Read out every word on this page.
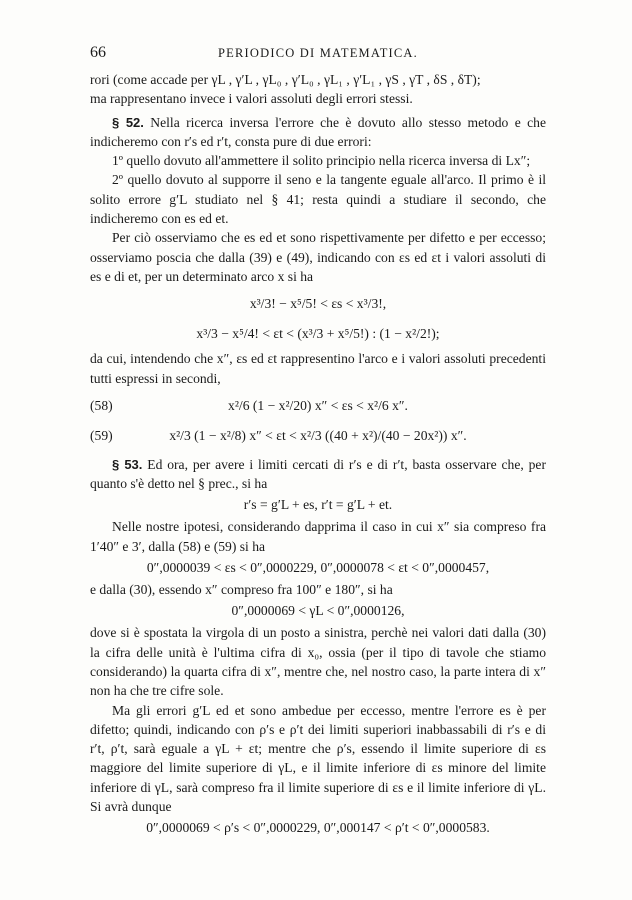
66	PERIODICO DI MATEMATICA.

rori (come accade per γL , γ′L , γL₀ , γ′L₀ , γL₁ , γ′L₁ , γS , γT , δS , δT);

ma rappresentano invece i valori assoluti degli errori stessi.

§ 52. Nella ricerca inversa l'errore che è dovuto allo stesso metodo e che indicheremo con r′s ed r′t, consta pure di due errori:

1º quello dovuto all'ammettere il solito principio nella ricerca inversa di Lx″;

2º quello dovuto al supporre il seno e la tangente eguale all'arco. Il primo è il solito errore g′L studiato nel § 41; resta quindi a studiare il secondo, che indicheremo con es ed et.

Per ciò osserviamo che es ed et sono rispettivamente per difetto e per eccesso; osserviamo poscia che dalla (39) e (49), indicando con εs ed εt i valori assoluti di es e di et, per un determinato arco x si ha

x³/3! − x⁵/5! < εs < x³/3!,
x³/3 − x⁵/4! < εt < (x³/3 + x⁵/5!) : (1 − x²/2!);

da cui, intendendo che x″, εs ed εt rappresentino l'arco e i valori assoluti precedenti tutti espressi in secondi,

(58)	x²/6 (1 − x²/20) x″ < εs < x²/6 x″.
(59)	x²/3 (1 − x²/8) x″ < εt < x²/3 ((40 + x²)/(40 − 20x²)) x″.

§ 53. Ed ora, per avere i limiti cercati di r′s e di r′t, basta osservare che, per quanto s'è detto nel § prec., si ha

r′s = g′L + es, r′t = g′L + et.

Nelle nostre ipotesi, considerando dapprima il caso in cui x″ sia compreso fra 1′40″ e 3′, dalla (58) e (59) si ha

0″,0000039 < εs < 0″,0000229, 0″,0000078 < εt < 0″,0000457,

e dalla (30), essendo x″ compreso fra 100″ e 180″, si ha

0″,0000069 < γL < 0″,0000126,

dove si è spostata la virgola di un posto a sinistra, perchè nei valori dati dalla (30) la cifra delle unità è l'ultima cifra di x₀, ossia (per il tipo di tavole che stiamo considerando) la quarta cifra di x″, mentre che, nel nostro caso, la parte intera di x″ non ha che tre cifre sole.

Ma gli errori g′L ed et sono ambedue per eccesso, mentre l'errore es è per difetto; quindi, indicando con ρ′s e ρ′t dei limiti superiori inabbassabili di r′s e di r′t, ρ′t, sarà eguale a γL + εt; mentre che ρ′s, essendo il limite superiore di εs maggiore del limite superiore di γL, e il limite inferiore di εs minore del limite inferiore di γL, sarà compreso fra il limite superiore di εs e il limite inferiore di γL. Si avrà dunque

0″,0000069 < ρ′s < 0″,0000229, 0″,000147 < ρ′t < 0″,0000583.
